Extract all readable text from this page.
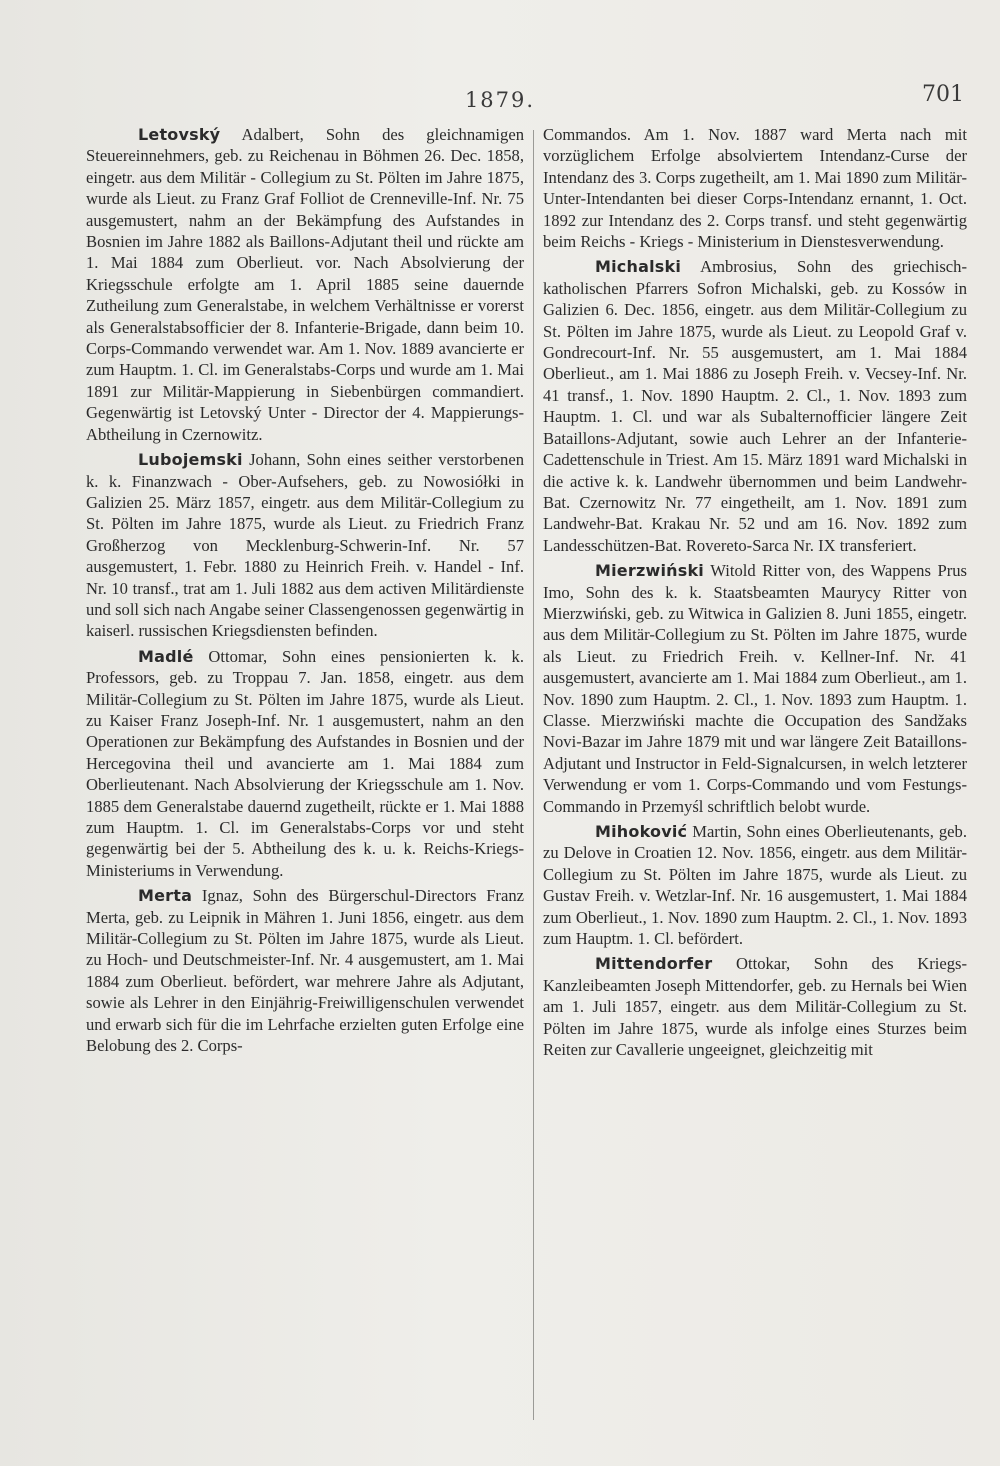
1879.	701

Letovský Adalbert, Sohn des gleichnamigen Steuereinnehmers, geb. zu Reichenau in Böhmen 26. Dec. 1858, eingetr. aus dem Militär - Collegium zu St. Pölten im Jahre 1875, wurde als Lieut. zu Franz Graf Folliot de Crenneville-Inf. Nr. 75 ausgemustert, nahm an der Bekämpfung des Aufstandes in Bosnien im Jahre 1882 als Baillons-Adjutant theil und rückte am 1. Mai 1884 zum Oberlieut. vor. Nach Absolvierung der Kriegsschule erfolgte am 1. April 1885 seine dauernde Zutheilung zum Generalstabe, in welchem Verhältnisse er vorerst als Generalstabsofficier der 8. Infanterie-Brigade, dann beim 10. Corps-Commando verwendet war. Am 1. Nov. 1889 avancierte er zum Hauptm. 1. Cl. im Generalstabs-Corps und wurde am 1. Mai 1891 zur Militär-Mappierung in Siebenbürgen commandiert. Gegenwärtig ist Letovský Unter - Director der 4. Mappierungs-Abtheilung in Czernowitz.

Lubojemski Johann, Sohn eines seither verstorbenen k. k. Finanzwach - Ober-Aufsehers, geb. zu Nowosiółki in Galizien 25. März 1857, eingetr. aus dem Militär-Collegium zu St. Pölten im Jahre 1875, wurde als Lieut. zu Friedrich Franz Großherzog von Mecklenburg-Schwerin-Inf. Nr. 57 ausgemustert, 1. Febr. 1880 zu Heinrich Freih. v. Handel - Inf. Nr. 10 transf., trat am 1. Juli 1882 aus dem activen Militärdienste und soll sich nach Angabe seiner Classengenossen gegenwärtig in kaiserl. russischen Kriegsdiensten befinden.

Madlé Ottomar, Sohn eines pensionierten k. k. Professors, geb. zu Troppau 7. Jan. 1858, eingetr. aus dem Militär-Collegium zu St. Pölten im Jahre 1875, wurde als Lieut. zu Kaiser Franz Joseph-Inf. Nr. 1 ausgemustert, nahm an den Operationen zur Bekämpfung des Aufstandes in Bosnien und der Hercegovina theil und avancierte am 1. Mai 1884 zum Oberlieutenant. Nach Absolvierung der Kriegsschule am 1. Nov. 1885 dem Generalstabe dauernd zugetheilt, rückte er 1. Mai 1888 zum Hauptm. 1. Cl. im Generalstabs-Corps vor und steht gegenwärtig bei der 5. Abtheilung des k. u. k. Reichs-Kriegs-Ministeriums in Verwendung.

Merta Ignaz, Sohn des Bürgerschul-Directors Franz Merta, geb. zu Leipnik in Mähren 1. Juni 1856, eingetr. aus dem Militär-Collegium zu St. Pölten im Jahre 1875, wurde als Lieut. zu Hoch- und Deutschmeister-Inf. Nr. 4 ausgemustert, am 1. Mai 1884 zum Oberlieut. befördert, war mehrere Jahre als Adjutant, sowie als Lehrer in den Einjährig-Freiwilligenschulen verwendet und erwarb sich für die im Lehrfache erzielten guten Erfolge eine Belobung des 2. Corps-

Commandos. Am 1. Nov. 1887 ward Merta nach mit vorzüglichem Erfolge absolviertem Intendanz-Curse der Intendanz des 3. Corps zugetheilt, am 1. Mai 1890 zum Militär-Unter-Intendanten bei dieser Corps-Intendanz ernannt, 1. Oct. 1892 zur Intendanz des 2. Corps transf. und steht gegenwärtig beim Reichs - Kriegs - Ministerium in Dienstesverwendung.

Michalski Ambrosius, Sohn des griechisch-katholischen Pfarrers Sofron Michalski, geb. zu Kossów in Galizien 6. Dec. 1856, eingetr. aus dem Militär-Collegium zu St. Pölten im Jahre 1875, wurde als Lieut. zu Leopold Graf v. Gondrecourt-Inf. Nr. 55 ausgemustert, am 1. Mai 1884 Oberlieut., am 1. Mai 1886 zu Joseph Freih. v. Vecsey-Inf. Nr. 41 transf., 1. Nov. 1890 Hauptm. 2. Cl., 1. Nov. 1893 zum Hauptm. 1. Cl. und war als Subalternofficier längere Zeit Bataillons-Adjutant, sowie auch Lehrer an der Infanterie-Cadettenschule in Triest. Am 15. März 1891 ward Michalski in die active k. k. Landwehr übernommen und beim Landwehr-Bat. Czernowitz Nr. 77 eingetheilt, am 1. Nov. 1891 zum Landwehr-Bat. Krakau Nr. 52 und am 16. Nov. 1892 zum Landesschützen-Bat. Rovereto-Sarca Nr. IX transferiert.

Mierzwiński Witold Ritter von, des Wappens Prus Imo, Sohn des k. k. Staatsbeamten Maurycy Ritter von Mierzwiński, geb. zu Witwica in Galizien 8. Juni 1855, eingetr. aus dem Militär-Collegium zu St. Pölten im Jahre 1875, wurde als Lieut. zu Friedrich Freih. v. Kellner-Inf. Nr. 41 ausgemustert, avancierte am 1. Mai 1884 zum Oberlieut., am 1. Nov. 1890 zum Hauptm. 2. Cl., 1. Nov. 1893 zum Hauptm. 1. Classe. Mierzwiński machte die Occupation des Sandžaks Novi-Bazar im Jahre 1879 mit und war längere Zeit Bataillons-Adjutant und Instructor in Feld-Signalcursen, in welch letzterer Verwendung er vom 1. Corps-Commando und vom Festungs-Commando in Przemyśl schriftlich belobt wurde.

Mihoković Martin, Sohn eines Oberlieutenants, geb. zu Delove in Croatien 12. Nov. 1856, eingetr. aus dem Militär-Collegium zu St. Pölten im Jahre 1875, wurde als Lieut. zu Gustav Freih. v. Wetzlar-Inf. Nr. 16 ausgemustert, 1. Mai 1884 zum Oberlieut., 1. Nov. 1890 zum Hauptm. 2. Cl., 1. Nov. 1893 zum Hauptm. 1. Cl. befördert.

Mittendorfer Ottokar, Sohn des Kriegs-Kanzleibeamten Joseph Mittendorfer, geb. zu Hernals bei Wien am 1. Juli 1857, eingetr. aus dem Militär-Collegium zu St. Pölten im Jahre 1875, wurde als infolge eines Sturzes beim Reiten zur Cavallerie ungeeignet, gleichzeitig mit
